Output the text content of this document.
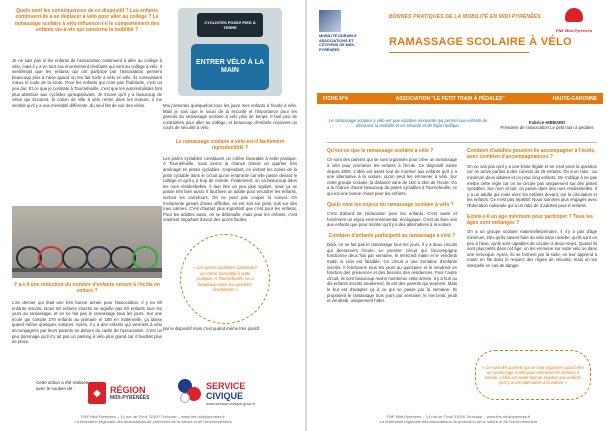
Quels sont les conséquences de ce dispositif ? Les enfants continuent-ils à se déplacer à vélo pour aller au collège ? Le ramassage scolaire à vélo influence-t-il le comportement des enfants vis-à-vis qui concerne la mobilité ?
Je ne sais pas si les enfants de l'association continuent à aller au collège à vélo, mais il y a en tout cas énormément d'enfants qui vont au collège à vélo. Il semblerait que les enfants qui ont participé par l'association pensent beaucoup plus à l'aise quand on les fait sortir à vélo en ville, ils connaissent mieux le code de la route. Pour les enfants qui n'ont pas l'habitude, c'est un peu dur. Et ce que je constate à Tournefeuille, c'est que les automobilistes font plus attention aux cyclistes qu'auparavant. Je trouve qu'il y a beaucoup de vélos qui circulent, la notion de ville à vélo rentre dans les mœurs, il me semble qu'il y a une mentalité différente, du seul fait de voir des vélos.
CYCLISTES POSEZ PIED À TERRE
ENTRER VÉLO À LA MAIN
Moi j'aimerais quelquefois tous les jours mes enfants à l'école à vélo. Mais je sais que le souci de la sécurité et l'importance pour les parents du ramassage scolaire à vélo plus de temps. Il faut peu de contraintes pour aller au collège, et beaucoup d'enfants reçoivent un cours de sécurité à vélo.
Le ramassage scolaire à vélo est-il facilement reproductible ?
Les pistes cyclables constituent un critère favorable à cette pratique. À Tournefeuille, nous avons la chance d'avoir un quartier très aménagé en pistes cyclables. Cependant, en évitant les zones de la piste cyclable dans le circuit qu'on emprunte car elle passe devant le collège et qu'il y a trop de monde. Finalement, on va beaucoup dans les rues résidentielles. Il faut être un peu plus vigilant, mais ça se passe très bien aussi. Il faut bien un adulte pour encadrer les enfants, surtout les carrefours. On ne peut pas couper la convoi. On n'emprunte jamais d'axes difficiles, on est soit sur piste, soit sur des rues calmes. C'est d'autant plus important que c'est pour les enfants. Pour les adultes aussi, on se débrouille, mais pour les enfants, c'est vraiment important d'avoir des accès faciles.
Y a-t-il une réduction du nombre d'enfants venant à l'école en voiture ?
L'an dernier qui était une très bonne année pour l'association, il y eu 60 enfants inscrits. Nous 60 enfants inscrits ne signifie pas 60 enfants tous les jours au ramassage, et on ne fait pas le ramassage tous les jours. Sur une école qui compte 270 enfants au primaire et 180 en maternelle, ça laisse quand même quelques voitures. Après, il y a des enfants qui viennent à vélo accompagnés par leurs parents en dehors du cadre de l'association. C'est un peu dommage qu'il n'y ait pas un parking à vélo plus grand car il faudrait plus de place.
« Les pistes cyclables constituent un critère favorable à cette pratique. À Tournefeuille, on a beaucoup dans les quartiers résidentiels »
par le dispositif mais c'est quand même très positif.
Cette action a été réalisée avec le soutien de :	◆	RÉGION
MIDI-PYRÉNÉES
SERVICE
CIVIQUE
www.service-civique.gouv.fr
FNE Midi-Pyrénées – 14 rue de Tivoli 31000 Toulouse – www.fne-midipyrenees.fr
La fédération régionale des associations de protection de la nature et de l'environnement
MOBILITÉ DURABLE ASSOCIATIONS ET CITOYENS DE MIDI-PYRÉNÉES
BONNES PRATIQUES DE LA MOBILITÉ EN MIDI-PYRÉNÉES
RAMASSAGE SCOLAIRE À VÉLO
FNE Midi-Pyrénées
FICHE N°4	ASSOCIATION "LE PETIT TRAIN À PÉDALES"	HAUTE-GARONNE
Le ramassage scolaire à vélo est une initiative innovante qui permet aux enfants de découvrir la mobilité et en sécurité et de façon ludique.
Fabrice HIBBARD
Président de l'association Le petit train à pédales
Qu'est-ce que le ramassage scolaire à vélo ?
Ce sont des parents qui se sont organisés pour créer un ramassage à vélo pour emmener les enfants à l'école. Ce dispositif existe depuis 2004. L'idée est avant tout de montrer aux enfants qu'il y a une alternative à la voiture, qu'on peut les emmener à vélo. Sur notre groupe scolaire, la distance varie de 1km à 3km de l'école. On a la chance d'avoir beaucoup de pistes cyclables à Tournefeuille, ce qui est une bonne chose pour les enfants.
Quels sont les enjeux du ramassage scolaire à vélo ?
C'est d'abord de l'éducation pour les enfants. C'est aussi et forcément un enjeu environnemental, écologique. C'est de faire voir aux enfants que pour monter qu'il y a des alternatives à la voiture.
Combien d'enfants participent au ramassage à vélo ?
Déjà, on ne fait pas le ramassage tous les jours. Il y a deux circuits qui desservent l'école. Le premier circuit qui l'accompagne fonctionne deux fois par semaine, le mercredi matin et le vendredi matin si cela est faisable. Ce circuit a une trentaine d'enfants inscrits. Il fonctionne tous les jours au quinzaine et le vendredi en fonction des présences et des besoins des résidences. Pour l'autre circuit, ils sont beaucoup moins nombreux cette année. Il y a huit ou dix enfants inscrits seulement, ils ont des parents qui viennent. Mais le but est d'adapter ça à ce qui se passe par la semaine. Ils proposent le ramassage trois jours par semaine, le mercredi, jeudi et vendredi, uniquement l'aller.
Combien d'adultes peuvent-ils accompagner à l'école, avec combien d'accompagnateurs ?
On ne sait pas qu'il y a une limite légale et on s'est posé la question car on arrive parfois à des convois de 25 enfants. On a un ratio : au minimum deux adultes et un pour cinq enfants. On s'oblige à ne pas mettre cette règle car on ne circule pas uniquement sur des pistes cyclables. Sur mon circuit, on passe dans des rues résidentielles. Il y a un adulte qui roule avec les enfants devant, sur la circulation et les enfants. Ce n'est pas répétitif. Nous sommes plus engagés avec l'Éducation nationale qui a un ratio de 3 adultes pour 6 enfants.
Existe-t-il un âge minimum pour participer ? Tous les âges sont mélangés ?
On a un groupe scolaire maternelle/primaire, il n'y a pas d'âge minimum. Dès qu'ils savent faire du vélo sans roulette, qu'ils sont un peu à l'aise, qu'ils sont capables de circuler à deux-roues. Quand ils sont plus petits dans cet âge, on les emmène sur notre vélo ou dans une remorque. Après, ils se forment par la suite, on leur apprend à rouler en file dans le respect des règles de sécurité, mais on les interpelle en cas de danger.
« Ce sont des parents qui se sont organisés pour créer un ramassage à vélo pour emmener les enfants à l'école. L'idée est avant tout de montrer aux enfants qu'il y a une alternative à la voiture »
FNE Midi-Pyrénées – 14 rue de Tivoli 31000 Toulouse – www.fne-midipyrenees.fr
La fédération régionale des associations de protection de la nature et de l'environnement
